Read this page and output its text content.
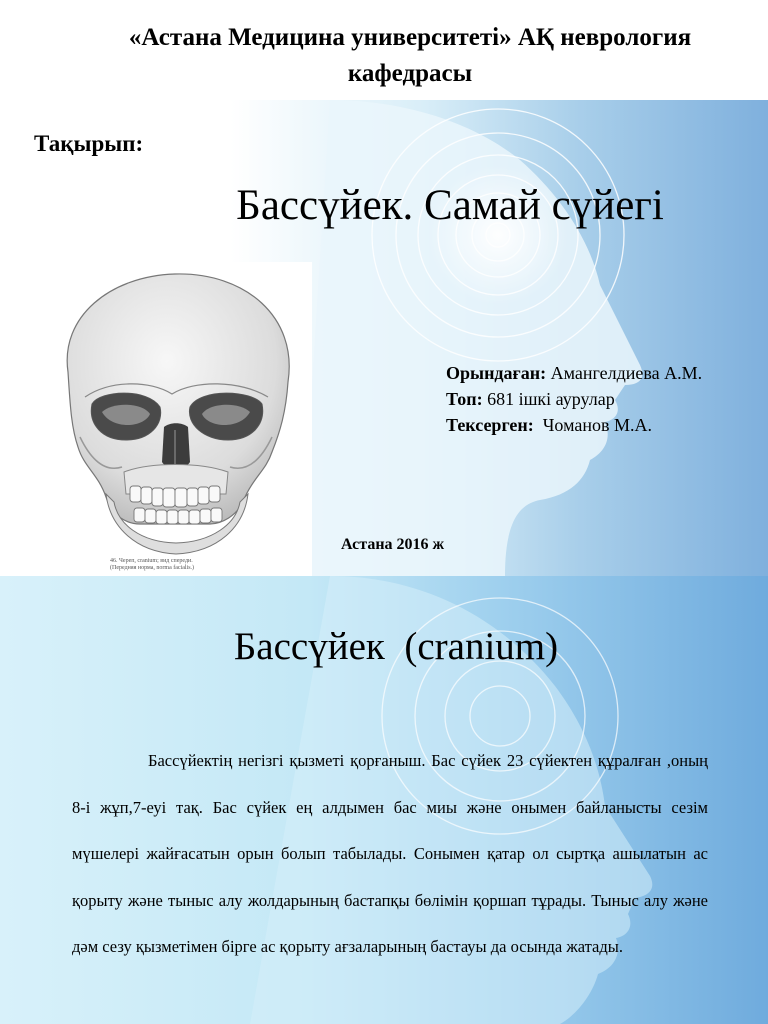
«Астана Медицина университеті» АҚ неврология кафедрасы
Тақырып:
Бассүйек. Самай сүйегі
46. Череп, cranium; вид спереди.
(Передняя норма, norma facialis.)
Орындаған: Амангелдиева А.М.
Топ: 681 ішкі аурулар
Тексерген:  Чоманов М.А.
Астана 2016 ж
Бассүйек  (cranium)
Бассүйектің негізгі қызметі қорғаныш. Бас сүйек 23 сүйектен құралған ,оның 8-і жұп,7-еуі тақ. Бас сүйек ең алдымен бас миы және онымен байланысты сезім мүшелері жайғасатын орын болып табылады. Сонымен қатар ол сыртқа ашылатын ас қорыту және тыныс алу жолдарының бастапқы бөлімін қоршап тұрады. Тыныс алу және дәм сезу қызметімен бірге ас қорыту ағзаларының бастауы да осында жатады.
